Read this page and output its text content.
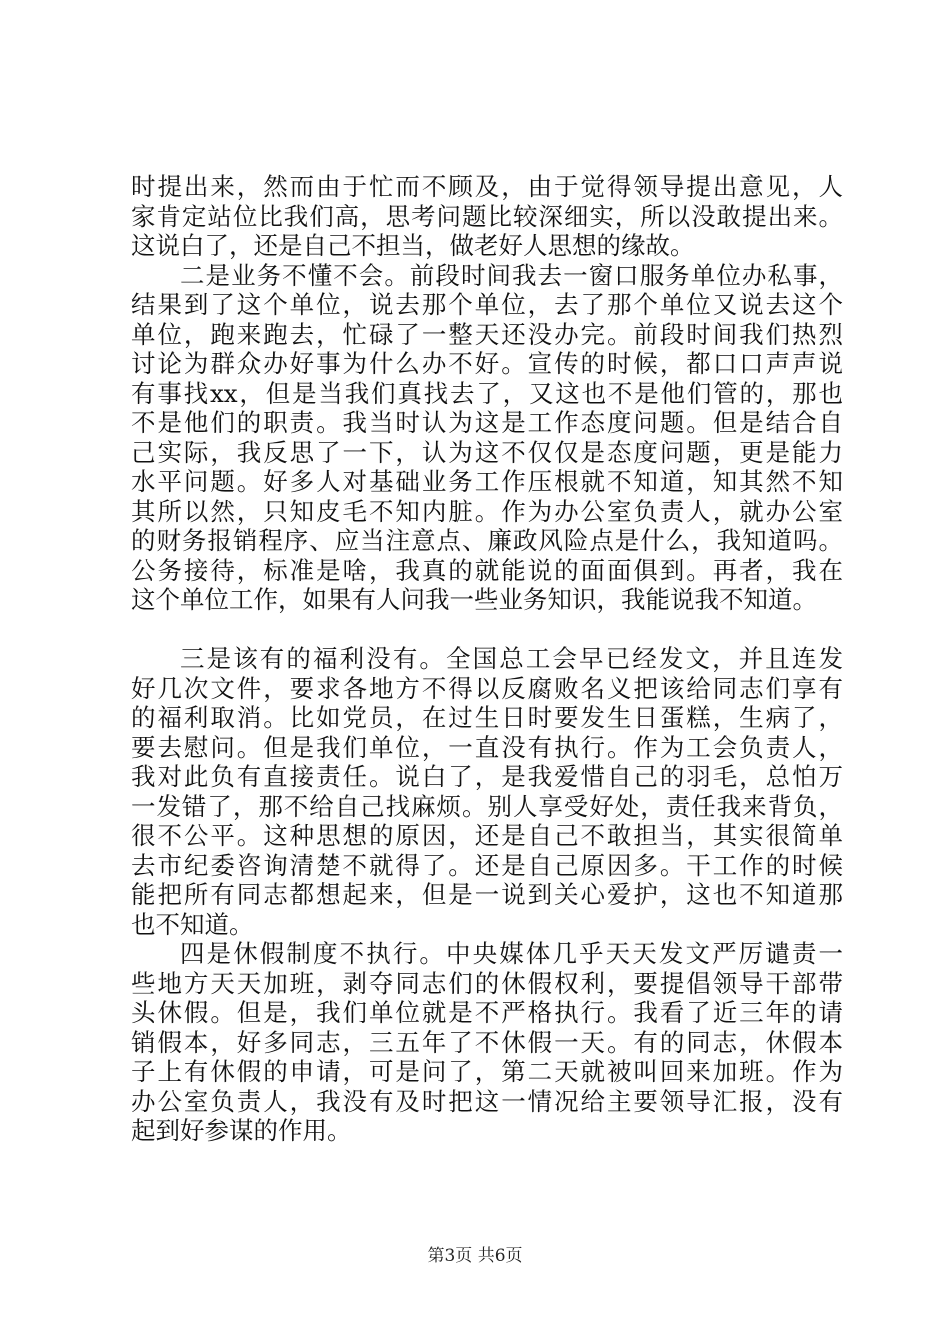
时提出来，然而由于忙而不顾及，由于觉得领导提出意见，人
家肯定站位比我们高，思考问题比较深细实，所以没敢提出来。
这说白了，还是自己不担当，做老好人思想的缘故。
二是业务不懂不会。前段时间我去一窗口服务单位办私事，
结果到了这个单位，说去那个单位，去了那个单位又说去这个
单位，跑来跑去，忙碌了一整天还没办完。前段时间我们热烈
讨论为群众办好事为什么办不好。宣传的时候，都口口声声说
有事找xx，但是当我们真找去了，又这也不是他们管的，那也
不是他们的职责。我当时认为这是工作态度问题。但是结合自
己实际，我反思了一下，认为这不仅仅是态度问题，更是能力
水平问题。好多人对基础业务工作压根就不知道，知其然不知
其所以然，只知皮毛不知内脏。作为办公室负责人，就办公室
的财务报销程序、应当注意点、廉政风险点是什么，我知道吗。
公务接待，标准是啥，我真的就能说的面面俱到。再者，我在
这个单位工作，如果有人问我一些业务知识，我能说我不知道。
三是该有的福利没有。全国总工会早已经发文，并且连发
好几次文件，要求各地方不得以反腐败名义把该给同志们享有
的福利取消。比如党员，在过生日时要发生日蛋糕，生病了，
要去慰问。但是我们单位，一直没有执行。作为工会负责人，
我对此负有直接责任。说白了，是我爱惜自己的羽毛，总怕万
一发错了，那不给自己找麻烦。别人享受好处，责任我来背负，
很不公平。这种思想的原因，还是自己不敢担当，其实很简单
去市纪委咨询清楚不就得了。还是自己原因多。干工作的时候
能把所有同志都想起来，但是一说到关心爱护，这也不知道那
也不知道。
四是休假制度不执行。中央媒体几乎天天发文严厉谴责一
些地方天天加班，剥夺同志们的休假权利，要提倡领导干部带
头休假。但是，我们单位就是不严格执行。我看了近三年的请
销假本，好多同志，三五年了不休假一天。有的同志，休假本
子上有休假的申请，可是问了，第二天就被叫回来加班。作为
办公室负责人，我没有及时把这一情况给主要领导汇报，没有
起到好参谋的作用。
第3页 共6页
